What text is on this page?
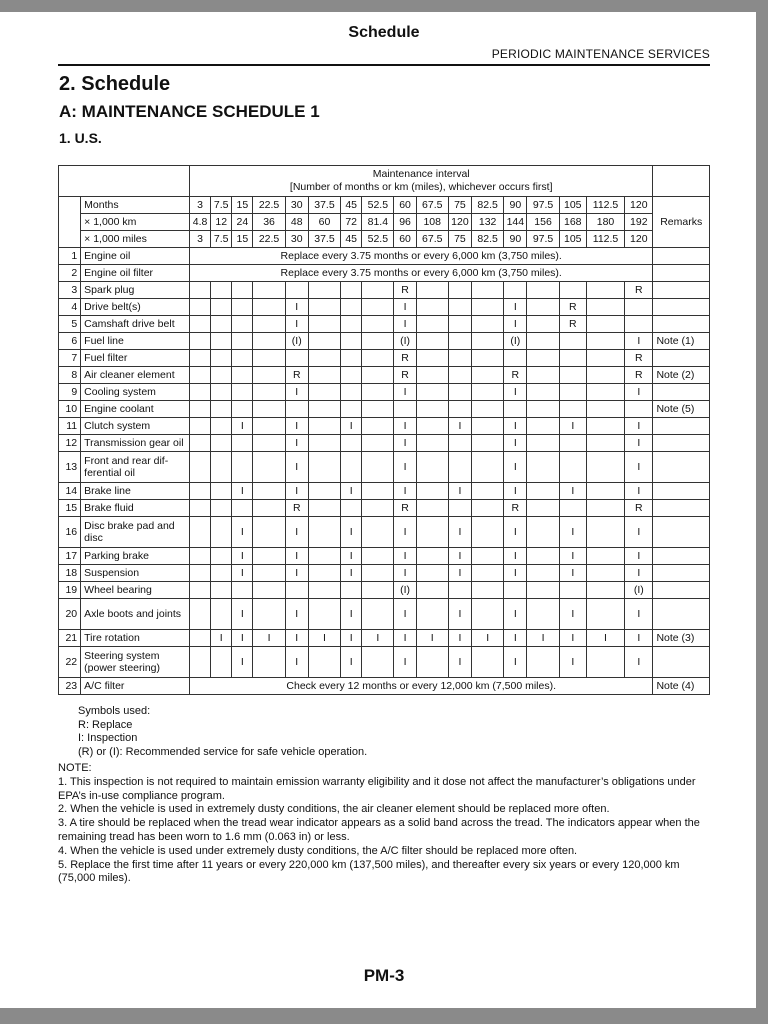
Schedule
PERIODIC MAINTENANCE SERVICES
2. Schedule
A: MAINTENANCE SCHEDULE 1
1. U.S.

		Maintenance interval
[Number of months or km (miles), whichever occurs first]																	

	Months	3	7.5	15	22.5	30	37.5	45	52.5	60	67.5	75	82.5	90	97.5	105	112.5	120	Remarks
	× 1,000 km	4.8	12	24	36	48	60	72	81.4	96	108	120	132	144	156	168	180	192	
	× 1,000 miles	3	7.5	15	22.5	30	37.5	45	52.5	60	67.5	75	82.5	90	97.5	105	112.5	120	
1	Engine oil	Replace every 3.75 months or every 6,000 km (3,750 miles).																	
2	Engine oil filter	Replace every 3.75 months or every 6,000 km (3,750 miles).																	
3	Spark plug									R								R	
4	Drive belt(s)					I				I				I		R			
5	Camshaft drive belt					I				I				I		R			
6	Fuel line					(I)				(I)				(I)				I	Note (1)
7	Fuel filter									R								R	
8	Air cleaner element					R				R				R				R	Note (2)
9	Cooling system					I				I				I				I	
10	Engine coolant																		Note (5)
11	Clutch system			I		I		I		I		I		I		I		I	
12	Transmission gear oil					I				I				I				I	
13	Front and rear dif-ferential oil					I				I				I				I	
14	Brake line			I		I		I		I		I		I		I		I	
15	Brake fluid					R				R				R				R	
16	Disc brake pad and disc			I		I		I		I		I		I		I		I	
17	Parking brake			I		I		I		I		I		I		I		I	
18	Suspension			I		I		I		I		I		I		I		I	
19	Wheel bearing									(I)								(I)	
20	Axle boots and joints			I		I		I		I		I		I		I		I	
21	Tire rotation		I	I	I	I	I	I	I	I	I	I	I	I	I	I	I	I	Note (3)
22	Steering system (power steering)			I		I		I		I		I		I		I		I	
23	A/C filter	Check every 12 months or every 12,000 km (7,500 miles).																	Note (4)
Symbols used:
R: Replace
I: Inspection
(R) or (I): Recommended service for safe vehicle operation.
NOTE:
1. This inspection is not required to maintain emission warranty eligibility and it dose not affect the manufacturer’s obligations under EPA’s in-use compliance program.
2. When the vehicle is used in extremely dusty conditions, the air cleaner element should be replaced more often.
3. A tire should be replaced when the tread wear indicator appears as a solid band across the tread. The indicators appear when the remaining tread has been worn to 1.6 mm (0.063 in) or less.
4. When the vehicle is used under extremely dusty conditions, the A/C filter should be replaced more often.
5. Replace the first time after 11 years or every 220,000 km (137,500 miles), and thereafter every six years or every 120,000 km (75,000 miles).
PM-3
